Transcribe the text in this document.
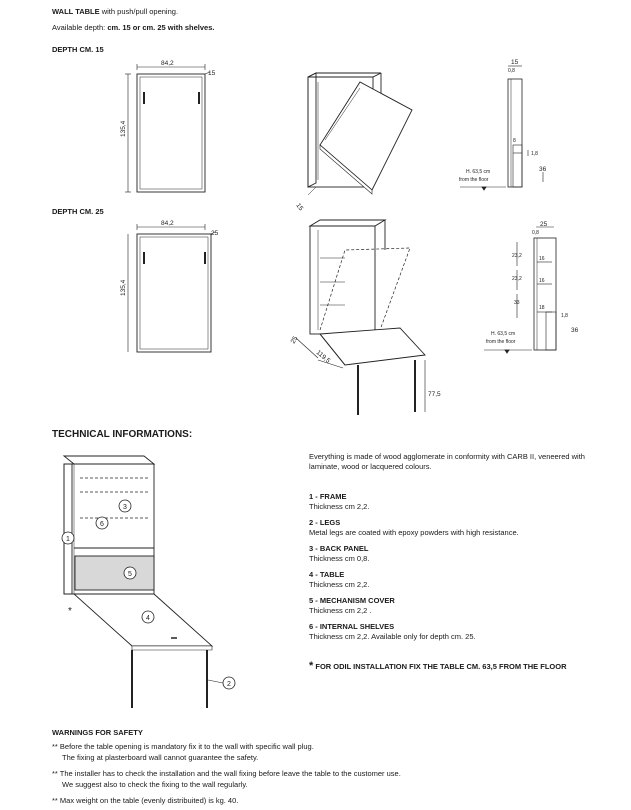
WALL TABLE with push/pull opening.
Available depth: cm. 15 or cm. 25 with shelves.
DEPTH CM. 15
DEPTH CM. 25
84,2
15
135,4
15
15
0,8
8
1,8
36
H. 63,5 cm
from the floor
84,2
25
135,4
25
119,5
77,5
25
0,8
23,2
23,2
33
16
16
18
1,8
36
H. 63,5 cm
from the floor
1
2
3
4
5
6
*
TECHNICAL INFORMATIONS:
Everything is made of wood agglomerate in conformity with CARB II, veneered with laminate, wood or lacquered colours.
1 - FRAME
Thickness cm 2,2.
2 - LEGS
Metal legs are coated with epoxy powders with high resistance.
3 - BACK PANEL
Thickness cm 0,8.
4 - TABLE
Thickness cm 2,2.
5 - MECHANISM COVER
Thickness cm 2,2 .
6 - INTERNAL SHELVES
Thickness cm 2,2. Available only for depth cm. 25.
* FOR ODIL INSTALLATION FIX THE TABLE CM. 63,5 FROM THE FLOOR
WARNINGS FOR SAFETY
** Before the table opening is mandatory fix it to the wall with specific wall plug.
The fixing at plasterboard wall cannot guarantee the safety.
** The installer has to check the installation and the wall fixing before leave the table to the customer use.
We suggest also to check the fixing to the wall regularly.
** Max weight on the table (evenly distribuited) is kg. 40.
